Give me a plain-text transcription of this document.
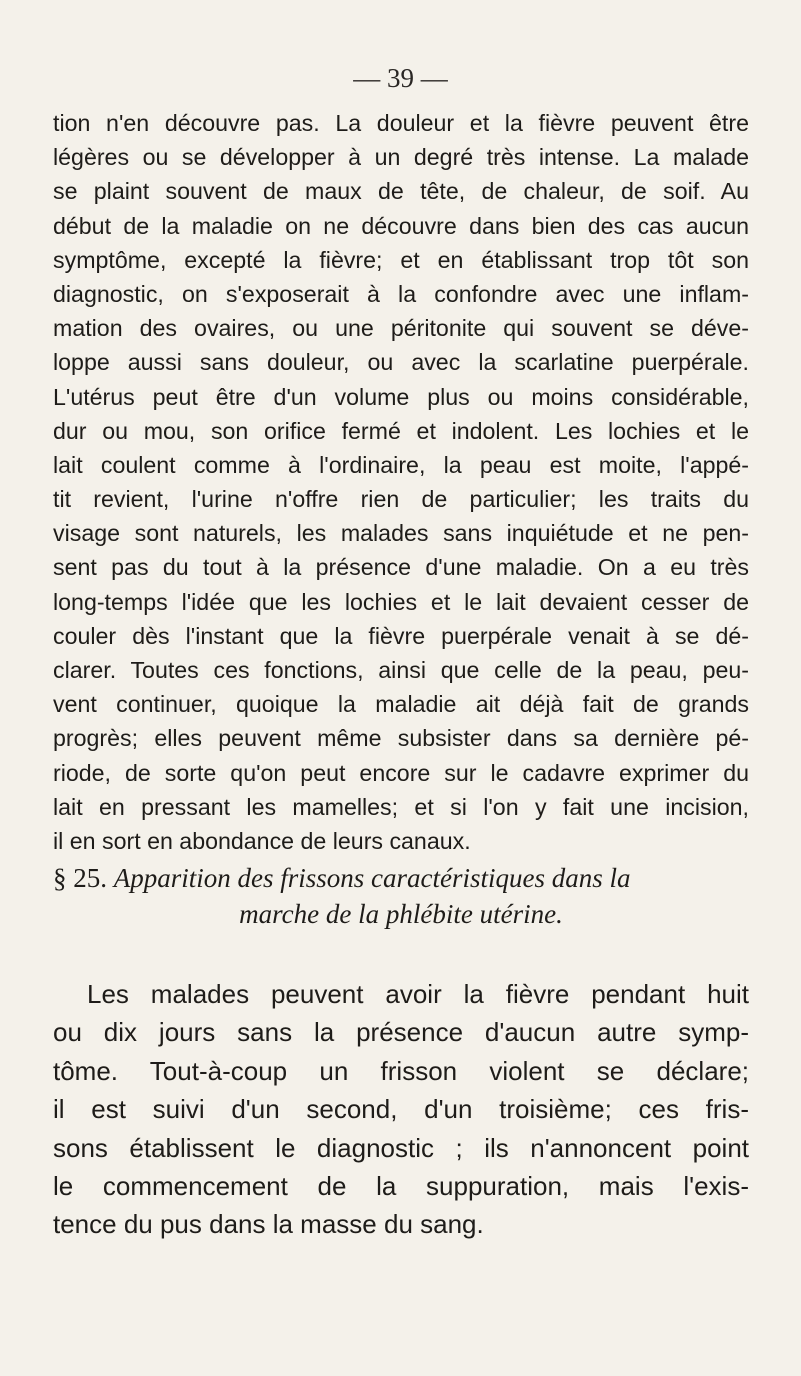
— 39 —
tion n'en découvre pas. La douleur et la fièvre peuvent être
légères ou se développer à un degré très intense. La malade
se plaint souvent de maux de tête, de chaleur, de soif. Au
début de la maladie on ne découvre dans bien des cas aucun
symptôme, excepté la fièvre; et en établissant trop tôt son
diagnostic, on s'exposerait à la confondre avec une inflam-
mation des ovaires, ou une péritonite qui souvent se déve-
loppe aussi sans douleur, ou avec la scarlatine puerpérale.
L'utérus peut être d'un volume plus ou moins considérable,
dur ou mou, son orifice fermé et indolent. Les lochies et le
lait coulent comme à l'ordinaire, la peau est moite, l'appé-
tit revient, l'urine n'offre rien de particulier; les traits du
visage sont naturels, les malades sans inquiétude et ne pen-
sent pas du tout à la présence d'une maladie. On a eu très
long-temps l'idée que les lochies et le lait devaient cesser de
couler dès l'instant que la fièvre puerpérale venait à se dé-
clarer. Toutes ces fonctions, ainsi que celle de la peau, peu-
vent continuer, quoique la maladie ait déjà fait de grands
progrès; elles peuvent même subsister dans sa dernière pé-
riode, de sorte qu'on peut encore sur le cadavre exprimer du
lait en pressant les mamelles; et si l'on y fait une incision,
il en sort en abondance de leurs canaux.
§ 25. Apparition des frissons caractéristiques dans la
marche de la phlébite utérine.
Les malades peuvent avoir la fièvre pendant huit
ou dix jours sans la présence d'aucun autre symp-
tôme. Tout-à-coup un frisson violent se déclare;
il est suivi d'un second, d'un troisième; ces fris-
sons établissent le diagnostic ; ils n'annoncent point
le commencement de la suppuration, mais l'exis-
tence du pus dans la masse du sang.
